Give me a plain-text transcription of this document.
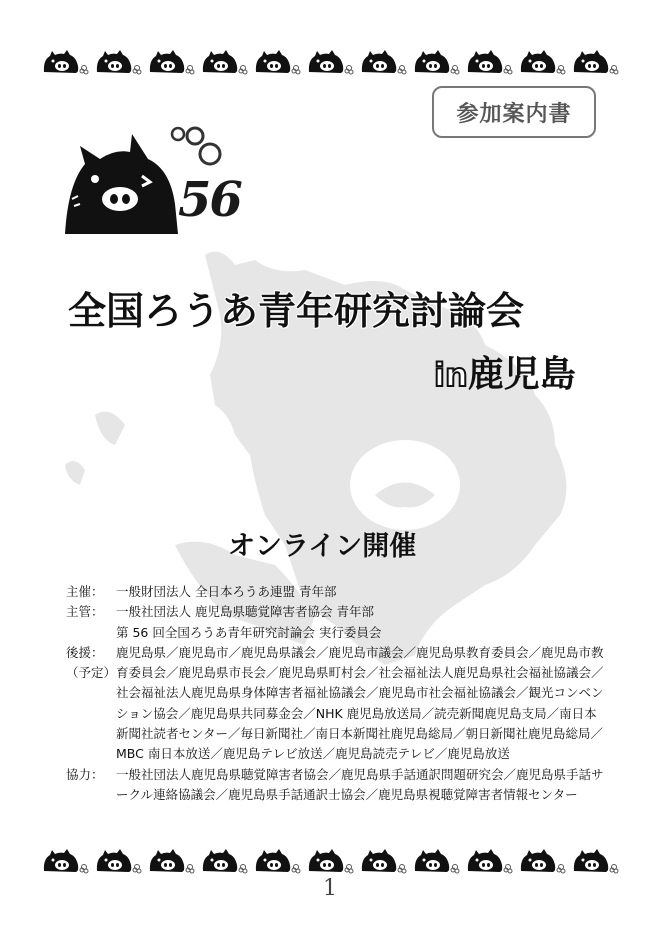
参加案内書
56
全国ろうあ青年研究討論会
in鹿児島
オンライン開催
主催： 一般財団法人 全日本ろうあ連盟 青年部
主管： 一般社団法人 鹿児島県聴覚障害者協会 青年部
第 56 回全国ろうあ青年研究討論会 実行委員会
後援：
（予定）
鹿児島県／鹿児島市／鹿児島県議会／鹿児島市議会／鹿児島県教育委員会／鹿児島市教育委員会／鹿児島県市長会／鹿児島県町村会／社会福祉法人鹿児島県社会福祉協議会／社会福祉法人鹿児島県身体障害者福祉協議会／鹿児島市社会福祉協議会／観光コンベンション協会／鹿児島県共同募金会／NHK 鹿児島放送局／読売新聞鹿児島支局／南日本新聞社読者センター／毎日新聞社／南日本新聞社鹿児島総局／朝日新聞社鹿児島総局／MBC 南日本放送／鹿児島テレビ放送／鹿児島読売テレビ／鹿児島放送
協力： 一般社団法人鹿児島県聴覚障害者協会／鹿児島県手話通訳問題研究会／鹿児島県手話サークル連絡協議会／鹿児島県手話通訳士協会／鹿児島県視聴覚障害者情報センター
1
